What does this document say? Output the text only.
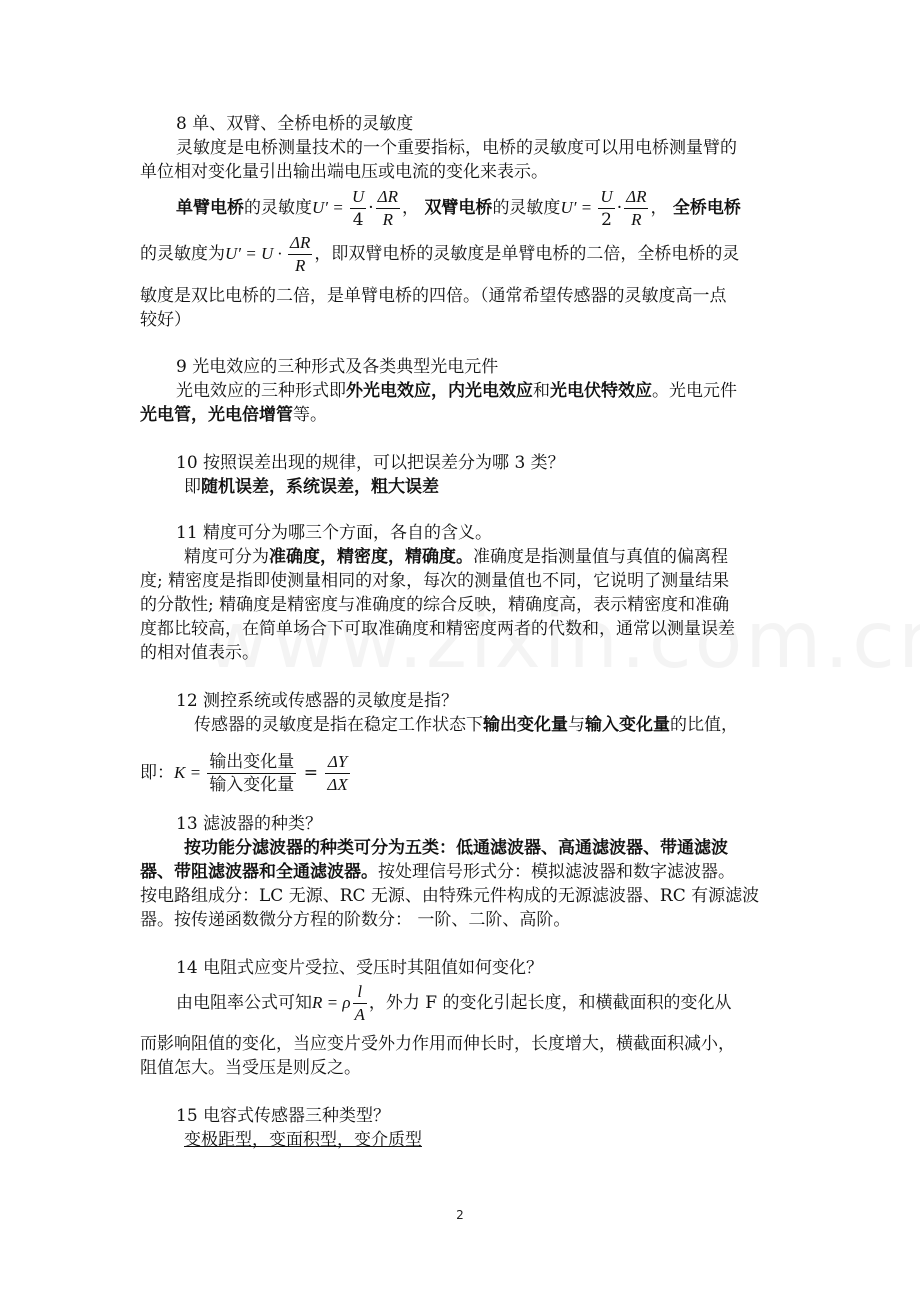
8 单、双臂、全桥电桥的灵敏度
灵敏度是电桥测量技术的一个重要指标，电桥的灵敏度可以用电桥测量臂的
单位相对变化量引出输出端电压或电流的变化来表示。
单臂电桥的灵敏度$U' = \frac{U}{4} \cdot \frac{\Delta R}{R}$ ， 双臂电桥的灵敏度$U' = \frac{U}{2} \cdot \frac{\Delta R}{R}$ ， 全桥电桥
的灵敏度为$U' = U \cdot \frac{\Delta R}{R}$ ，即双臂电桥的灵敏度是单臂电桥的二倍，全桥电桥的灵
敏度是双比电桥的二倍，是单臂电桥的四倍。（通常希望传感器的灵敏度高一点
较好）
9 光电效应的三种形式及各类典型光电元件
光电效应的三种形式即外光电效应，内光电效应和光电伏特效应。光电元件
光电管，光电倍增管等。
10 按照误差出现的规律，可以把误差分为哪 3 类？
即随机误差，系统误差，粗大误差
11 精度可分为哪三个方面，各自的含义。
精度可分为准确度，精密度，精确度。准确度是指测量值与真值的偏离程
度; 精密度是指即使测量相同的对象，每次的测量值也不同，它说明了测量结果
的分散性; 精确度是精密度与准确度的综合反映，精确度高，表示精密度和准确
度都比较高，在简单场合下可取准确度和精密度两者的代数和，通常以测量误差
的相对值表示。
12 测控系统或传感器的灵敏度是指？
传感器的灵敏度是指在稳定工作状态下输出变化量与输入变化量的比值，
即：$K = \frac{\text{输出变化量}}{\text{输入变化量}} = \frac{\Delta Y}{\Delta X}$
13 滤波器的种类？
按功能分滤波器的种类可分为五类：低通滤波器、高通滤波器、带通滤波
器、带阻滤波器和全通滤波器。按处理信号形式分：模拟滤波器和数字滤波器。
按电路组成分：LC 无源、RC 无源、由特殊元件构成的无源滤波器、RC 有源滤波
器。按传递函数微分方程的阶数分： 一阶、二阶、高阶。
14 电阻式应变片受拉、受压时其阻值如何变化？
由电阻率公式可知R = ρ $\frac{l}{A}$ ，外力 F 的变化引起长度，和横截面积的变化从
而影响阻值的变化，当应变片受外力作用而伸长时，长度增大，横截面积减小，
阻值怎大。当受压是则反之。
15 电容式传感器三种类型？
变极距型，变面积型，变介质型
2
